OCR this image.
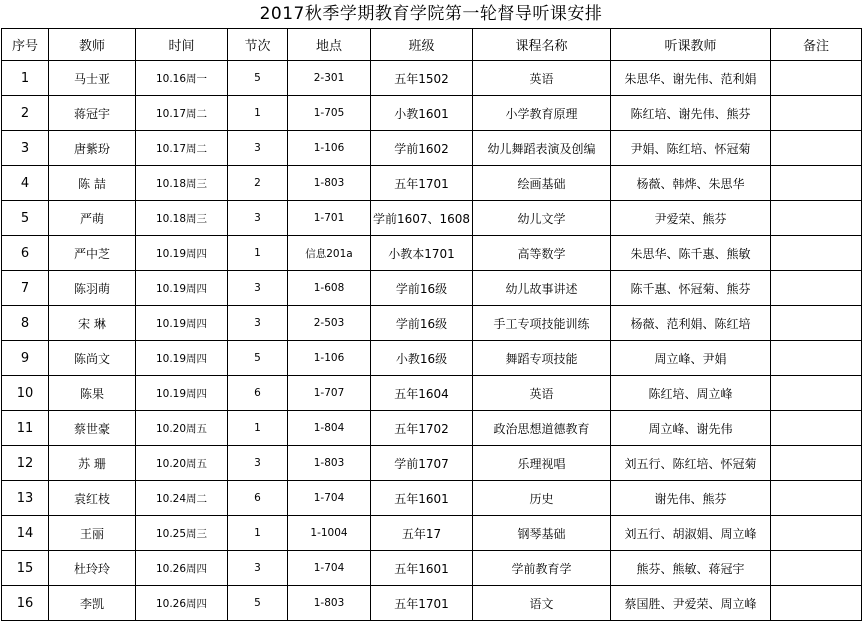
2017秋季学期教育学院第一轮督导听课安排
序号	教师	时间	节次	地点	班级	课程名称	听课教师	备注
1	马士亚	10.16周一	5	2-301	五年1502	英语	朱思华、谢先伟、范利娟	
2	蒋冠宇	10.17周二	1	1-705	小教1601	小学教育原理	陈红培、谢先伟、熊芬	
3	唐紫玢	10.17周二	3	1-106	学前1602	幼儿舞蹈表演及创编	尹娟、陈红培、怀冠菊	
4	陈 喆	10.18周三	2	1-803	五年1701	绘画基础	杨薇、韩烨、朱思华	
5	严萌	10.18周三	3	1-701	学前1607、1608	幼儿文学	尹爱荣、熊芬	
6	严中芝	10.19周四	1	信息201a	小教本1701	高等数学	朱思华、陈千惠、熊敏	
7	陈羽萌	10.19周四	3	1-608	学前16级	幼儿故事讲述	陈千惠、怀冠菊、熊芬	
8	宋 琳	10.19周四	3	2-503	学前16级	手工专项技能训练	杨薇、范利娟、陈红培	
9	陈尚文	10.19周四	5	1-106	小教16级	舞蹈专项技能	周立峰、尹娟	
10	陈果	10.19周四	6	1-707	五年1604	英语	陈红培、周立峰	
11	蔡世豪	10.20周五	1	1-804	五年1702	政治思想道德教育	周立峰、谢先伟	
12	苏 珊	10.20周五	3	1-803	学前1707	乐理视唱	刘五行、陈红培、怀冠菊	
13	袁红枝	10.24周二	6	1-704	五年1601	历史	谢先伟、熊芬	
14	王丽	10.25周三	1	1-1004	五年17	钢琴基础	刘五行、胡淑娟、周立峰	
15	杜玲玲	10.26周四	3	1-704	五年1601	学前教育学	熊芬、熊敏、蒋冠宇	
16	李凯	10.26周四	5	1-803	五年1701	语文	蔡国胜、尹爱荣、周立峰	
